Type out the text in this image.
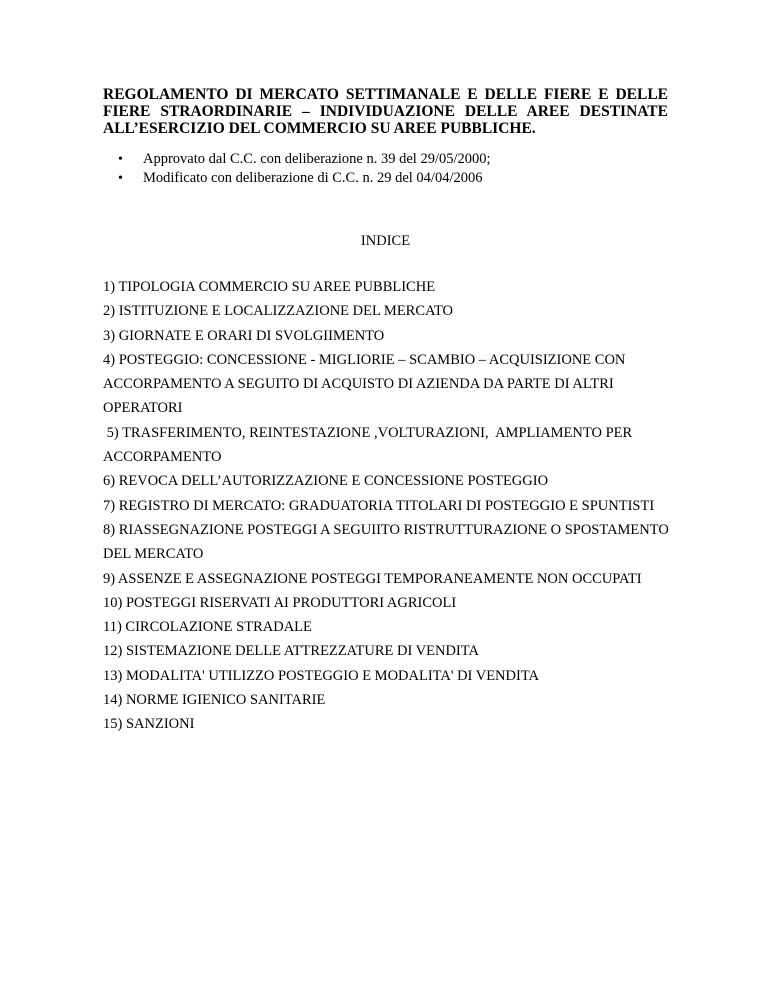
REGOLAMENTO DI MERCATO SETTIMANALE E DELLE FIERE E DELLE FIERE STRAORDINARIE – INDIVIDUAZIONE DELLE AREE DESTINATE ALL’ESERCIZIO DEL COMMERCIO SU AREE PUBBLICHE.

• Approvato dal C.C. con deliberazione n. 39 del 29/05/2000;
• Modificato con deliberazione di C.C. n. 29 del 04/04/2006

INDICE

1) TIPOLOGIA COMMERCIO SU AREE PUBBLICHE
2) ISTITUZIONE E LOCALIZZAZIONE DEL MERCATO
3) GIORNATE E ORARI DI SVOLGIIMENTO
4) POSTEGGIO: CONCESSIONE - MIGLIORIE – SCAMBIO – ACQUISIZIONE CON
ACCORPAMENTO A SEGUITO DI ACQUISTO DI AZIENDA DA PARTE DI ALTRI
OPERATORI
5) TRASFERIMENTO, REINTESTAZIONE ,VOLTURAZIONI,  AMPLIAMENTO PER
ACCORPAMENTO
6) REVOCA DELL’AUTORIZZAZIONE E CONCESSIONE POSTEGGIO
7) REGISTRO DI MERCATO: GRADUATORIA TITOLARI DI POSTEGGIO E SPUNTISTI
8) RIASSEGNAZIONE POSTEGGI A SEGUIITO RISTRUTTURAZIONE O SPOSTAMENTO
DEL MERCATO
9) ASSENZE E ASSEGNAZIONE POSTEGGI TEMPORANEAMENTE NON OCCUPATI
10) POSTEGGI RISERVATI AI PRODUTTORI AGRICOLI
11) CIRCOLAZIONE STRADALE
12) SISTEMAZIONE DELLE ATTREZZATURE DI VENDITA
13) MODALITA' UTILIZZO POSTEGGIO E MODALITA' DI VENDITA
14) NORME IGIENICO SANITARIE
15) SANZIONI
